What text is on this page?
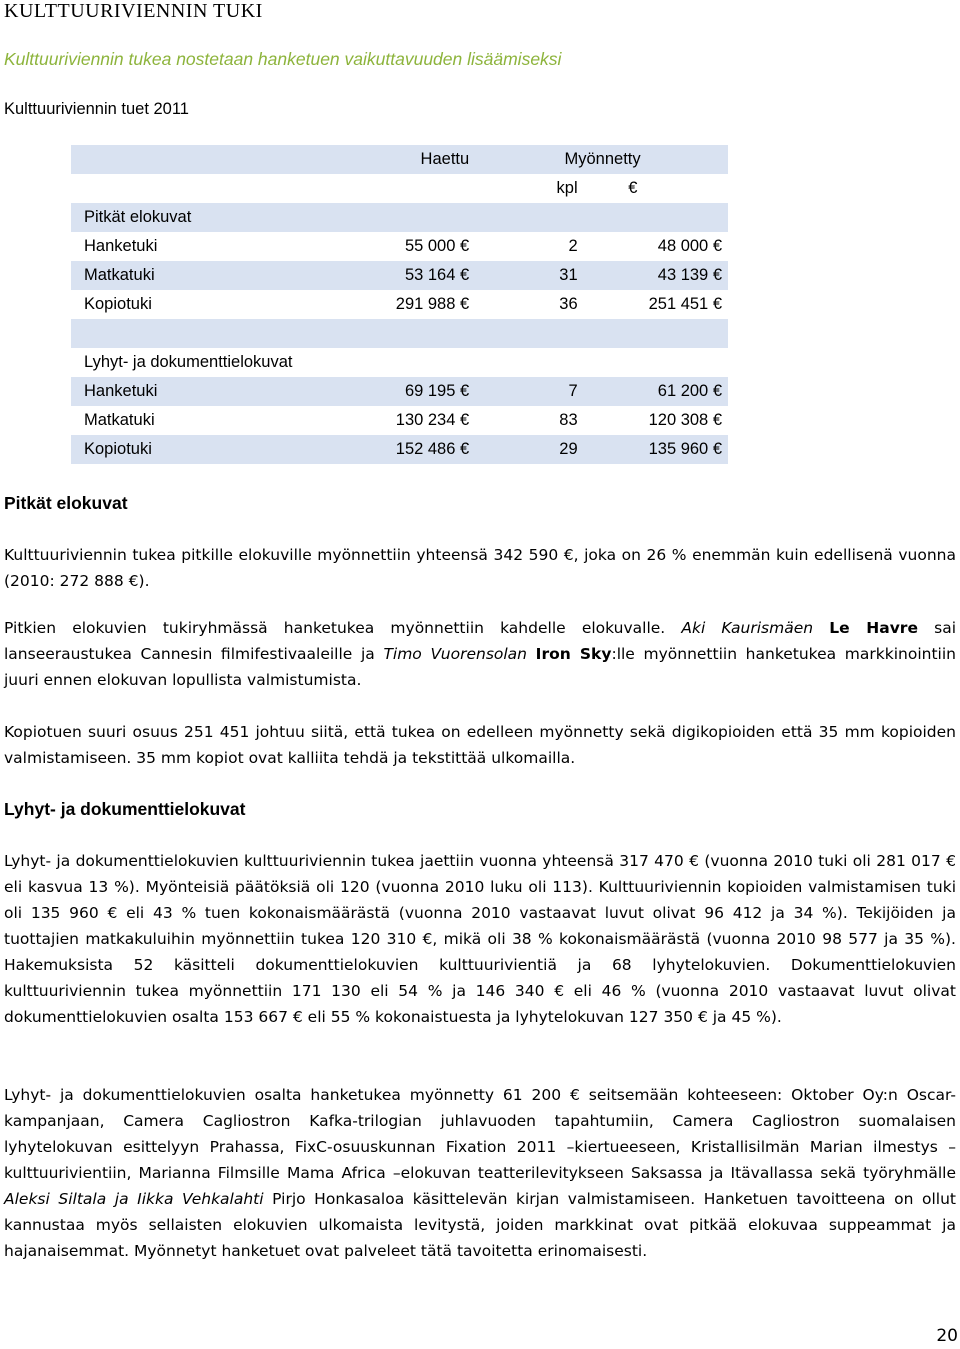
KULTTUURIVIENNIN TUKI
Kulttuuriviennin tukea nostetaan hanketuen vaikuttavuuden lisäämiseksi
Kulttuuriviennin tuet 2011
	Haettu	Myönnetty	
		kpl	€
Pitkät elokuvat			
Hanketuki	55 000 €	2	48 000 €
Matkatuki	53 164 €	31	43 139 €
Kopiotuki	291 988 €	36	251 451 €

Lyhyt- ja dokumenttielokuvat			
Hanketuki	69 195 €	7	61 200 €
Matkatuki	130 234 €	83	120 308 €
Kopiotuki	152 486 €	29	135 960 €
Pitkät elokuvat
Kulttuuriviennin tukea pitkille elokuville myönnettiin yhteensä 342 590 €, joka on 26 % enemmän kuin edellisenä vuonna (2010: 272 888 €).
Pitkien elokuvien tukiryhmässä hanketukea myönnettiin kahdelle elokuvalle. Aki Kaurismäen Le Havre sai lanseeraustukea Cannesin filmifestivaaleille ja Timo Vuorensolan Iron Sky:lle myönnettiin hanketukea markkinointiin juuri ennen elokuvan lopullista valmistumista.
Kopiotuen suuri osuus 251 451 johtuu siitä, että tukea on edelleen myönnetty sekä digikopioiden että 35 mm kopioiden valmistamiseen. 35 mm kopiot ovat kalliita tehdä ja tekstittää ulkomailla.
Lyhyt- ja dokumenttielokuvat
Lyhyt- ja dokumenttielokuvien kulttuuriviennin tukea jaettiin vuonna yhteensä 317 470 € (vuonna 2010 tuki oli 281 017 € eli kasvua 13 %). Myönteisiä päätöksiä oli 120 (vuonna 2010 luku oli 113). Kulttuuriviennin kopioiden valmistamisen tuki oli 135 960 € eli 43 % tuen kokonaismäärästä (vuonna 2010 vastaavat luvut olivat 96 412 ja 34 %). Tekijöiden ja tuottajien matkakuluihin myönnettiin tukea 120 310 €, mikä oli 38 % kokonaismäärästä (vuonna 2010 98 577 ja 35 %). Hakemuksista 52 käsitteli dokumenttielokuvien kulttuurivientiä ja 68 lyhytelokuvien. Dokumenttielokuvien kulttuuriviennin tukea myönnettiin 171 130 eli 54 % ja 146 340 € eli 46 % (vuonna 2010 vastaavat luvut olivat dokumenttielokuvien osalta 153 667 € eli 55 % kokonaistuesta ja lyhytelokuvan 127 350 € ja 45 %).
Lyhyt- ja dokumenttielokuvien osalta hanketukea myönnetty 61 200 € seitsemään kohteeseen: Oktober Oy:n Oscar-kampanjaan, Camera Cagliostron Kafka-trilogian juhlavuoden tapahtumiin, Camera Cagliostron suomalaisen lyhytelokuvan esittelyyn Prahassa, FixC-osuuskunnan Fixation 2011 –kiertueeseen, Kristallisilmän Marian ilmestys –kulttuurivientiin, Marianna Filmsille Mama Africa –elokuvan teatterilevitykseen Saksassa ja Itävallassa sekä työryhmälle Aleksi Siltala ja Iikka Vehkalahti Pirjo Honkasaloa käsittelevän kirjan valmistamiseen. Hanketuen tavoitteena on ollut kannustaa myös sellaisten elokuvien ulkomaista levitystä, joiden markkinat ovat pitkää elokuvaa suppeammat ja hajanaisemmat. Myönnetyt hanketuet ovat palveleet tätä tavoitetta erinomaisesti.
20
